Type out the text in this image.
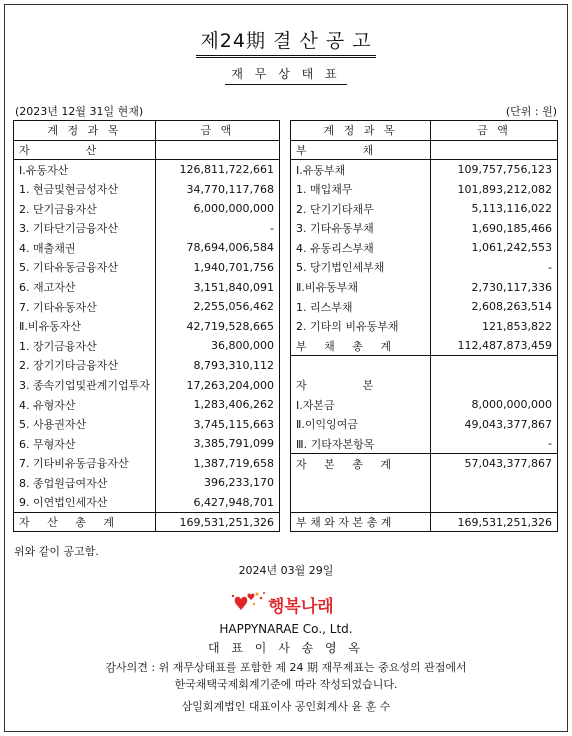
제24期 결 산 공 고
재 무 상 태 표
(2023년 12월 31일 현재)	(단위 : 원)
계 정 과 목	금 액
자                산	
Ⅰ.유동자산	126,811,722,661
1. 현금및현금성자산	34,770,117,768
2. 단기금융자산	6,000,000,000
3. 기타단기금융자산	-
4. 매출채권	78,694,006,584
5. 기타유동금융자산	1,940,701,756
6. 재고자산	3,151,840,091
7. 기타유동자산	2,255,056,462
Ⅱ.비유동자산	42,719,528,665
1. 장기금융자산	36,800,000
2. 장기기타금융자산	8,793,310,112
3. 종속기업및관계기업투자	17,263,204,000
4. 유형자산	1,283,406,262
5. 사용권자산	3,745,115,663
6. 무형자산	3,385,791,099
7. 기타비유동금융자산	1,387,719,658
8. 종업원급여자산	396,233,170
9. 이연법인세자산	6,427,948,701
자     산     총     계	169,531,251,326
계 정 과 목	금 액
부                채	
Ⅰ.유동부채	109,757,756,123
1. 매입채무	101,893,212,082
2. 단기기타채무	5,113,116,022
3. 기타유동부채	1,690,185,466
4. 유동리스부채	1,061,242,553
5. 당기법인세부채	-
Ⅱ.비유동부채	2,730,117,336
1. 리스부채	2,608,263,514
2. 기타의 비유동부채	121,853,822
부     채     총     계	112,487,873,459

자                본	
Ⅰ.자본금	8,000,000,000
Ⅱ.이익잉여금	49,043,377,867
Ⅲ. 기타자본항목	-
자     본     총     계	57,043,377,867

부 채 와 자 본 총 계	169,531,251,326
위와 같이 공고함.
2024년 03월 29일
행복나래
HAPPYNARAE Co., Ltd.
대 표 이 사 송 영 옥
감사의견 : 위 재무상태표를 포함한 제 24 期 재무제표는 중요성의 관점에서
한국채택국제회계기준에 따라 작성되었습니다.
삼일회계법인 대표이사 공인회계사 윤 훈 수
